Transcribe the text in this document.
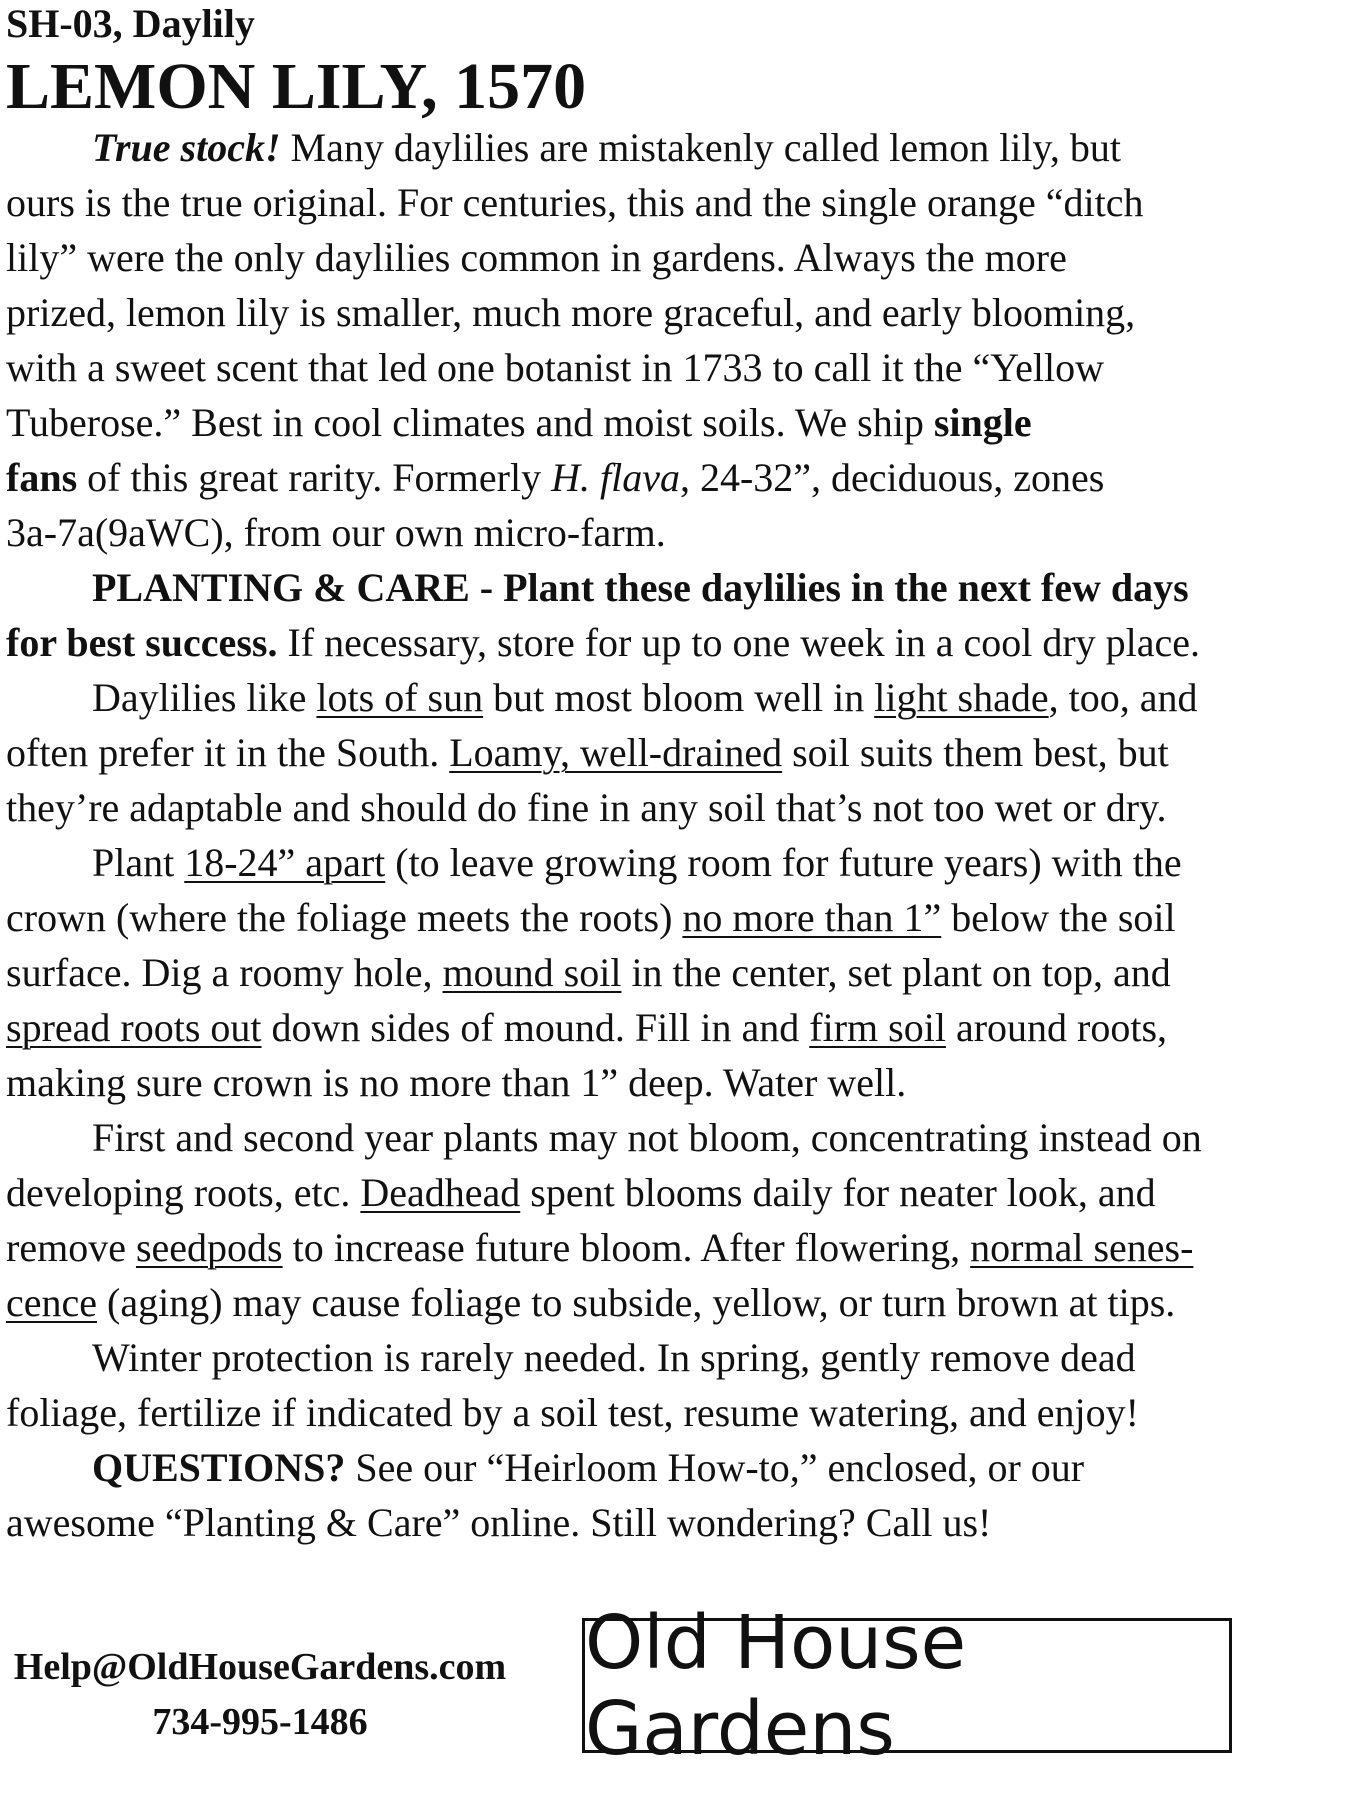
SH-03, Daylily

LEMON LILY, 1570
True stock! Many daylilies are mistakenly called lemon lily, but
ours is the true original. For centuries, this and the single orange “ditch
lily” were the only daylilies common in gardens. Always the more
prized, lemon lily is smaller, much more graceful, and early blooming,
with a sweet scent that led one botanist in 1733 to call it the “Yellow
Tuberose.” Best in cool climates and moist soils. We ship single
fans of this great rarity. Formerly H. flava, 24-32”, deciduous, zones
3a-7a(9aWC), from our own micro-farm.
PLANTING & CARE - Plant these daylilies in the next few days
for best success. If necessary, store for up to one week in a cool dry place.
Daylilies like lots of sun but most bloom well in light shade, too, and
often prefer it in the South. Loamy, well-drained soil suits them best, but
they’re adaptable and should do fine in any soil that’s not too wet or dry.
Plant 18-24” apart (to leave growing room for future years) with the
crown (where the foliage meets the roots) no more than 1” below the soil
surface. Dig a roomy hole, mound soil in the center, set plant on top, and
spread roots out down sides of mound. Fill in and firm soil around roots,
making sure crown is no more than 1” deep. Water well.
First and second year plants may not bloom, concentrating instead on
developing roots, etc. Deadhead spent blooms daily for neater look, and
remove seedpods to increase future bloom. After flowering, normal senes-
cence (aging) may cause foliage to subside, yellow, or turn brown at tips.
Winter protection is rarely needed. In spring, gently remove dead
foliage, fertilize if indicated by a soil test, resume watering, and enjoy!
QUESTIONS? See our “Heirloom How-to,” enclosed, or our
awesome “Planting & Care” online. Still wondering? Call us!
Help@OldHouseGardens.com
734-995-1486
Old House Gardens
